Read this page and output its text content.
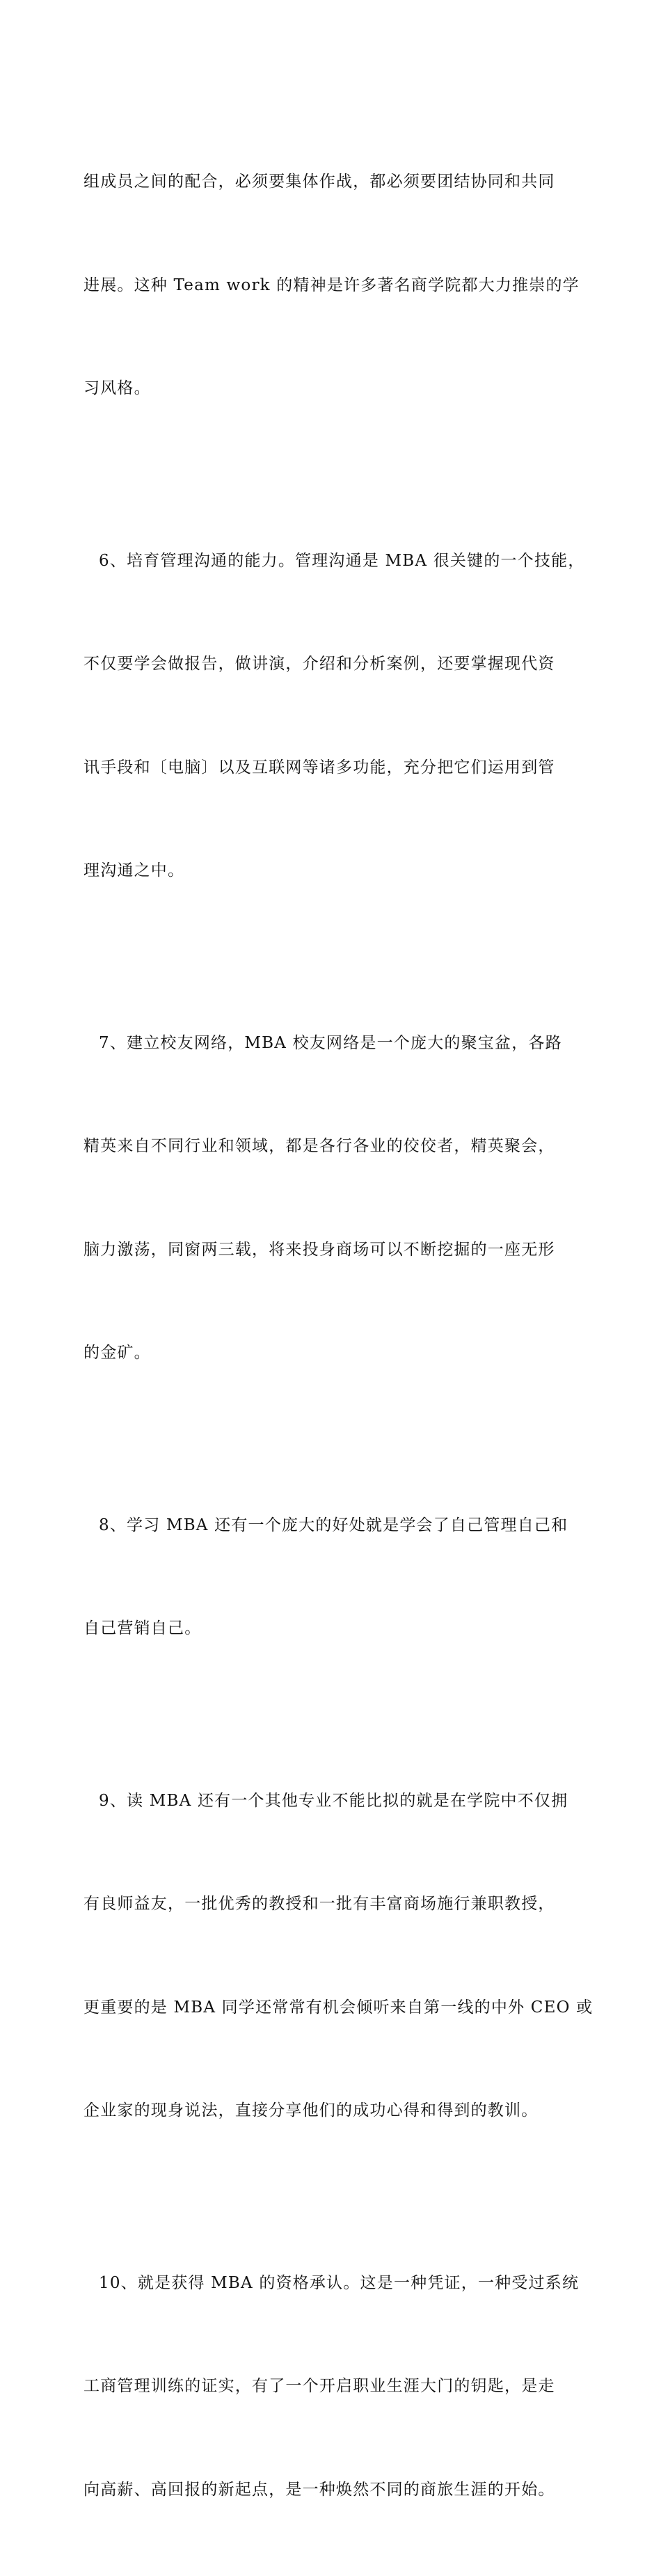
组成员之间的配合，必须要集体作战，都必须要团结协同和共同

进展。这种 Team work 的精神是许多著名商学院都大力推崇的学

习风格。

6、培育管理沟通的能力。管理沟通是 MBA 很关键的一个技能，

不仅要学会做报告，做讲演，介绍和分析案例，还要掌握现代资

讯手段和〔电脑〕以及互联网等诸多功能，充分把它们运用到管

理沟通之中。

7、建立校友网络，MBA 校友网络是一个庞大的聚宝盆，各路

精英来自不同行业和领域，都是各行各业的佼佼者，精英聚会，

脑力激荡，同窗两三载，将来投身商场可以不断挖掘的一座无形

的金矿。

8、学习 MBA 还有一个庞大的好处就是学会了自己管理自己和

自己营销自己。

9、读 MBA 还有一个其他专业不能比拟的就是在学院中不仅拥

有良师益友，一批优秀的教授和一批有丰富商场施行兼职教授，

更重要的是 MBA 同学还常常有机会倾听来自第一线的中外 CEO 或

企业家的现身说法，直接分享他们的成功心得和得到的教训。

10、就是获得 MBA 的资格承认。这是一种凭证，一种受过系统

工商管理训练的证实，有了一个开启职业生涯大门的钥匙，是走

向高薪、高回报的新起点，是一种焕然不同的商旅生涯的开始。
